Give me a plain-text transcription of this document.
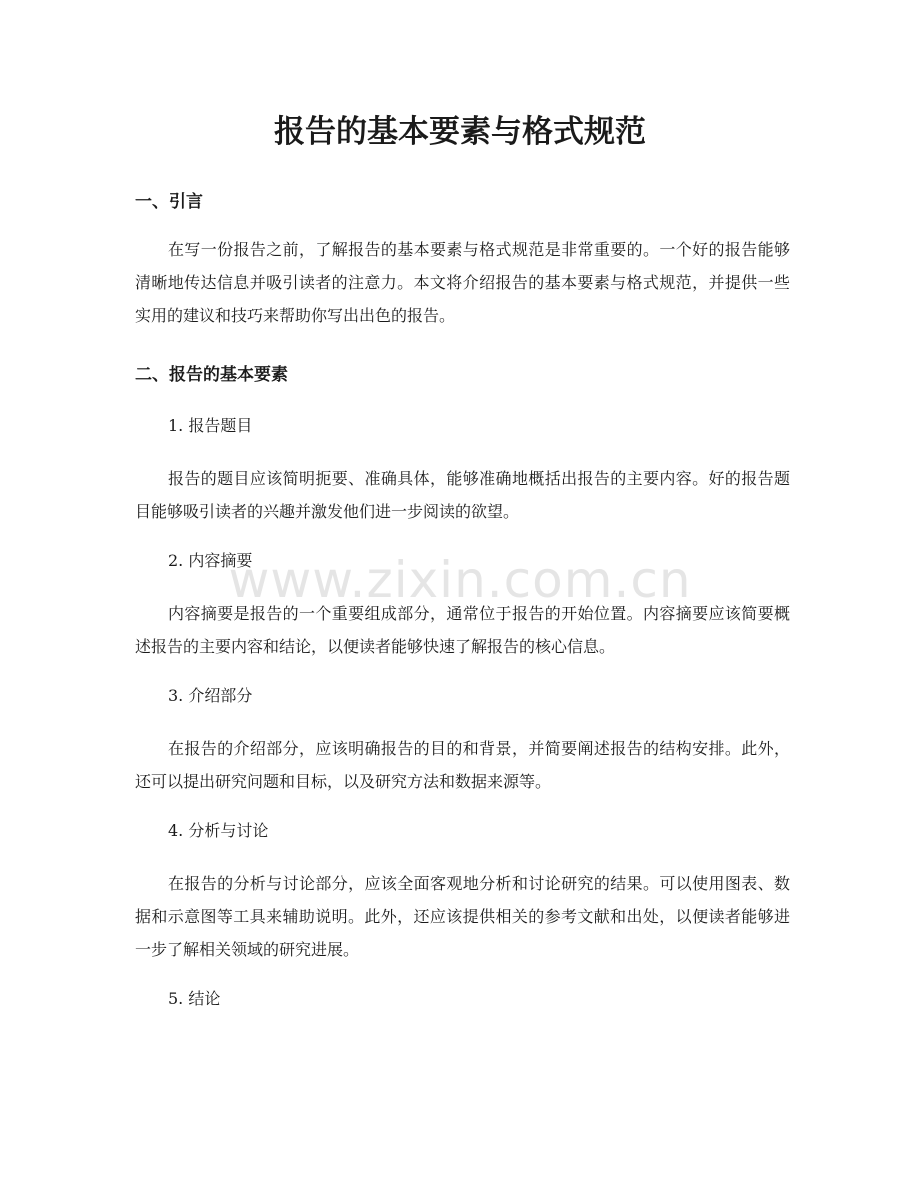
报告的基本要素与格式规范
一、引言

在写一份报告之前，了解报告的基本要素与格式规范是非常重要的。一个好的报告能够清晰地传达信息并吸引读者的注意力。本文将介绍报告的基本要素与格式规范，并提供一些实用的建议和技巧来帮助你写出出色的报告。

二、报告的基本要素
1. 报告题目

报告的题目应该简明扼要、准确具体，能够准确地概括出报告的主要内容。好的报告题目能够吸引读者的兴趣并激发他们进一步阅读的欲望。

2. 内容摘要

内容摘要是报告的一个重要组成部分，通常位于报告的开始位置。内容摘要应该简要概述报告的主要内容和结论，以便读者能够快速了解报告的核心信息。

3. 介绍部分

在报告的介绍部分，应该明确报告的目的和背景，并简要阐述报告的结构安排。此外，还可以提出研究问题和目标，以及研究方法和数据来源等。

4. 分析与讨论

在报告的分析与讨论部分，应该全面客观地分析和讨论研究的结果。可以使用图表、数据和示意图等工具来辅助说明。此外，还应该提供相关的参考文献和出处，以便读者能够进一步了解相关领域的研究进展。

5. 结论
www.zixin.com.cn
